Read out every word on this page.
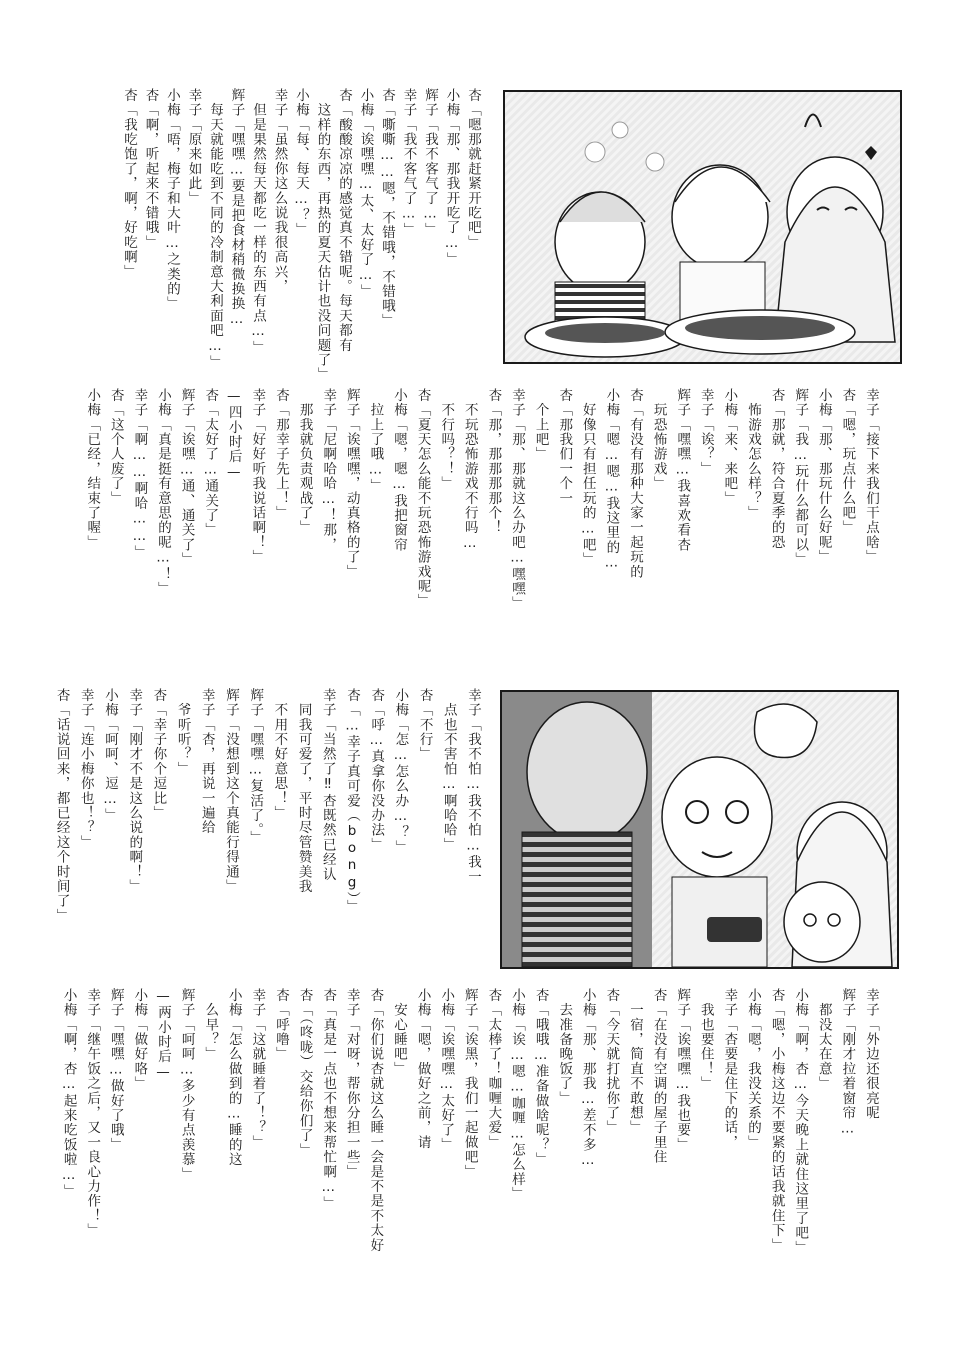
杏「嗯那就赶紧开吃吧」
小梅「那、那我开吃了…」
辉子「我不客气了…」
幸子「我不客气了…」
杏「嘶嘶……嗯，不错哦，不错哦」
小梅「诶嘿嘿…太、太好了…」
杏「酸酸凉凉的感觉真不错呢。每天都有
　这样的东西，再热的夏天估计也没问题了」
小梅「每、每天…？」
幸子「虽然你这么说我很高兴，
　但是果然每天都吃一样的东西有点…」
辉子「嘿嘿…要是把食材稍微换换…
　每天就能吃到不同的冷制意大利面吧…」
幸子「原来如此」
小梅「唔，梅子和大叶…之类的」
杏「啊，听起来不错哦」
杏「我吃饱了，啊，好吃啊」
幸子「接下来我们干点啥」
杏「嗯，玩点什么吧」
小梅「那、那玩什么好呢」
辉子「我…玩什么都可以」
杏「那就，符合夏季的恐
　怖游戏怎么样？」
小梅「来、来吧」
幸子「诶？」
辉子「嘿嘿…我喜欢看杏
　玩恐怖游戏」
杏「有没有那种大家一起玩的
小梅「嗯…嗯…我这里的…
　好像只有担任玩的…吧」
杏「那我们一个一
　个上吧」
幸子「那、那就这么办吧…嘿嘿」
杏「那，那那那那个！
　不玩恐怖游戏不行吗…
　不行吗？！」
杏「夏天怎么能不玩恐怖游戏呢」
小梅「嗯，嗯…我把窗帘
　拉上了哦…」
辉子「诶嘿嘿，动真格的了」
幸子「尼啊哈哈…！那，
　那我就负责观战了」
杏「那幸子先上！」
幸子「好好听我说话啊！」
—四小时后—
杏「太好了…通关了」
辉子「诶嘿…通、通关了」
小梅「真是挺有意思的呢…！」
幸子「啊……啊哈……」
杏「这个人废了」
小梅「已经，结束了喔」
幸子「我不怕…我不怕…我一
　点也不害怕…啊哈哈」
杏「不行」
小梅「怎…怎么办…？」
杏「呼…真拿你没办法」
杏「…幸子真可爱（bong）」
幸子「当然了‼杏既然已经认
　同我可爱了，平时尽管赞美我
　不用不好意思！」
辉子「嘿嘿…复活了。」
辉子「没想到这个真能行得通」
幸子「杏，再说一遍给
　爷听听？」
杏「幸子你个逗比」
幸子「刚才不是这么说的啊！」
小梅「呵呵、逗…」
幸子「连小梅你也！？」
杏「话说回来，都已经这个时间了」
幸子「外边还很亮呢
辉子「刚才拉着窗帘…
　都没太在意」
小梅「啊，杏…今天晚上就住这里了吧」
杏「嗯，小梅这边不要紧的话我就住下」
小梅「嗯，我没关系的」
幸子「杏要是住下的话，
　我也要住！」
辉子「诶嘿嘿…我也要」
杏「在没有空调的屋子里住
　一宿，简直不敢想」
杏「今天就打扰你了」
小梅「那、那我…差不多…
　去准备晚饭了」
杏「哦哦…准备做啥呢？」
小梅「诶…嗯…咖喱…怎么样」
杏「太棒了！咖喱大爱」
辉子「诶黑，我们一起做吧」
小梅「诶嘿嘿…太好了」
小梅「嗯，做好之前，请
　安心睡吧」
杏「你们说杏就这么睡一会是不是不太好
幸子「对呀，帮你分担一些」
杏「真是一点也不想来帮忙啊…」
杏「（咚咙）交给你们了」
杏「呼噜」
幸子「这就睡着了！？」
小梅「怎么做到的…睡的这
　么早？」
辉子「呵呵…多少有点羡慕」
—两小时后—
小梅「做好咯」
辉子「嘿嘿…做好了哦」
幸子「继午饭之后，又一良心力作！」
小梅「啊，杏…起来吃饭啦…」
